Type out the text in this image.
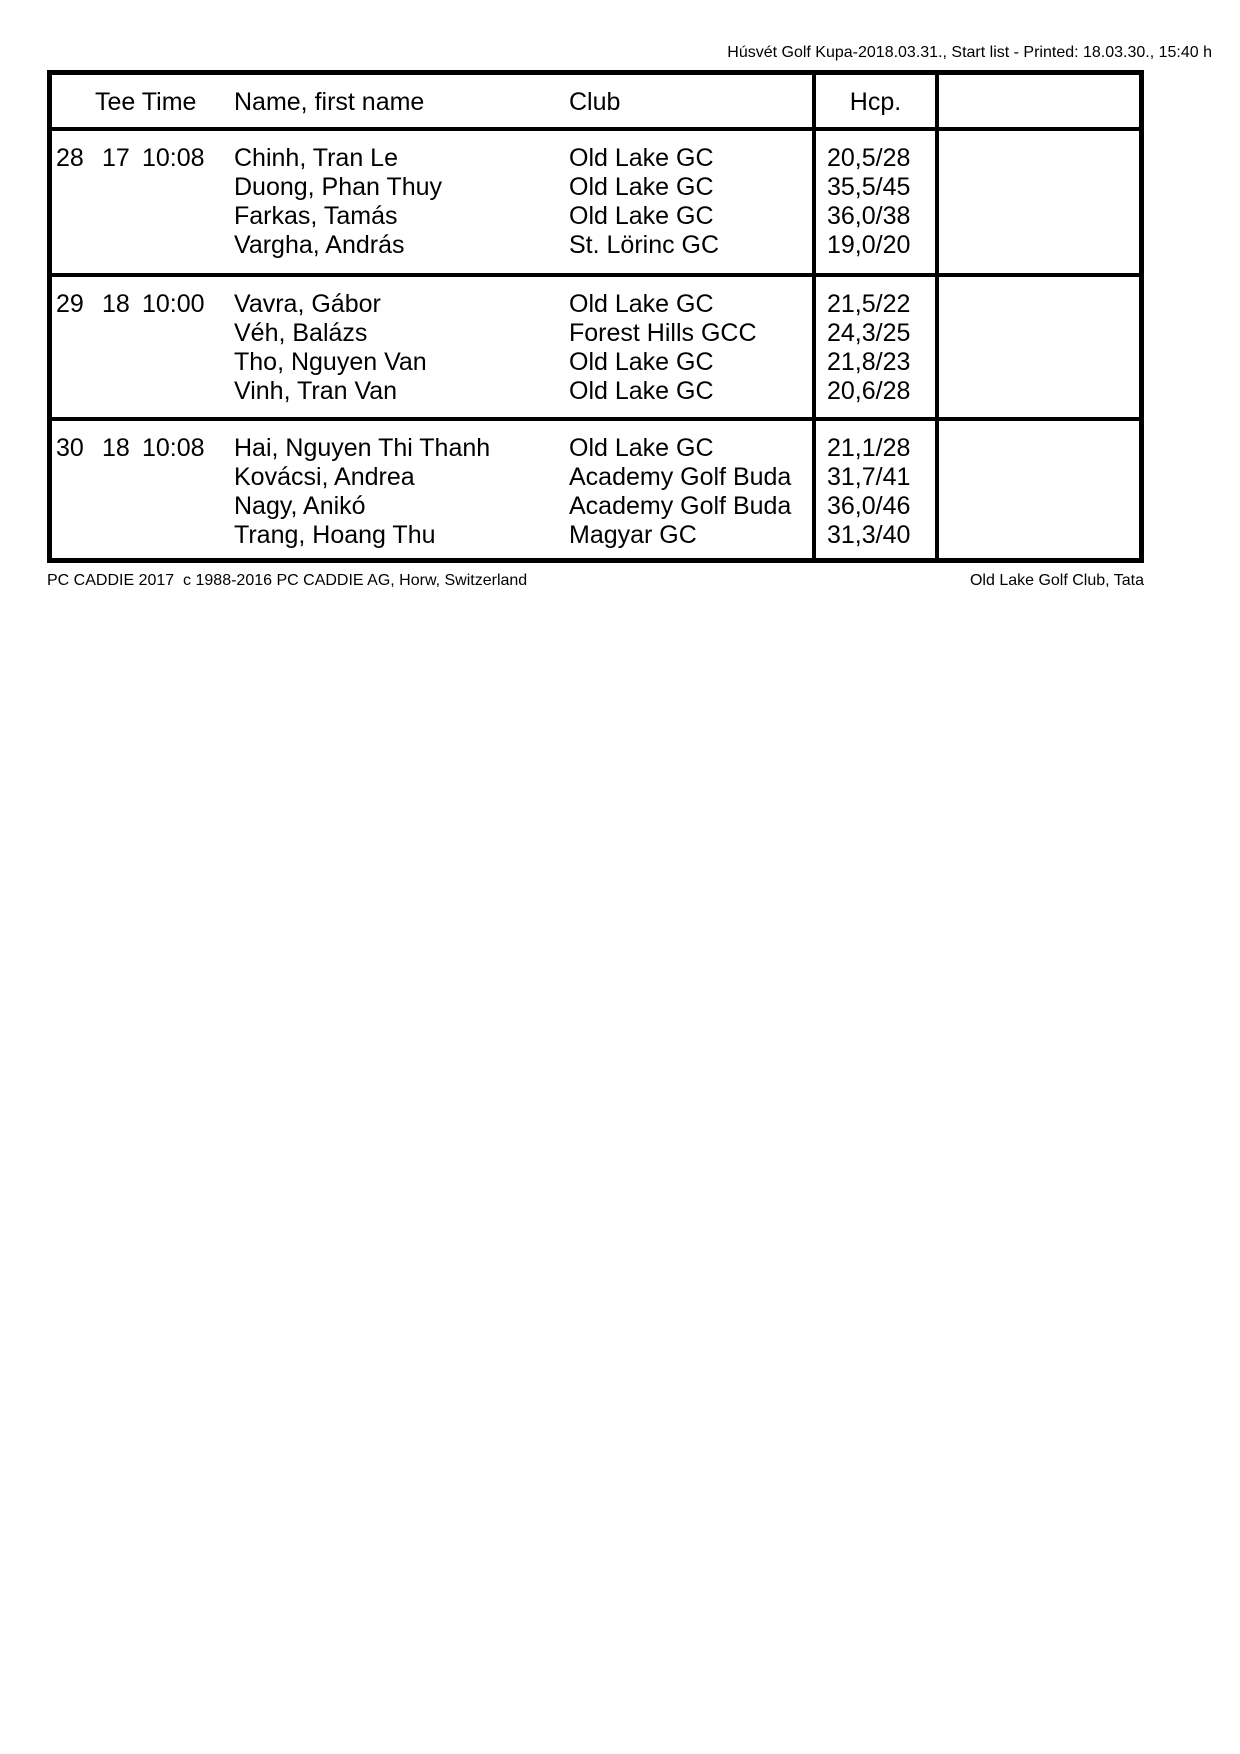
Húsvét Golf Kupa-2018.03.31., Start list - Printed: 18.03.30., 15:40 h
Tee Time Name, first name	Club	Hcp.
28 17 10:08 Chinh, Tran Le	Old Lake GC	20,5/28
Duong, Phan Thuy	Old Lake GC	35,5/45
Farkas, Tamás	Old Lake GC	36,0/38
Vargha, András	St. Lörinc GC	19,0/20
29 18 10:00 Vavra, Gábor	Old Lake GC	21,5/22
Véh, Balázs	Forest Hills GCC	24,3/25
Tho, Nguyen Van	Old Lake GC	21,8/23
Vinh, Tran Van	Old Lake GC	20,6/28
30 18 10:08 Hai, Nguyen Thi Thanh	Old Lake GC	21,1/28
Kovácsi, Andrea	Academy Golf Buda	31,7/41
Nagy, Anikó	Academy Golf Buda	36,0/46
Trang, Hoang Thu	Magyar GC	31,3/40
PC CADDIE 2017  c 1988-2016 PC CADDIE AG, Horw, Switzerland	Old Lake Golf Club, Tata
